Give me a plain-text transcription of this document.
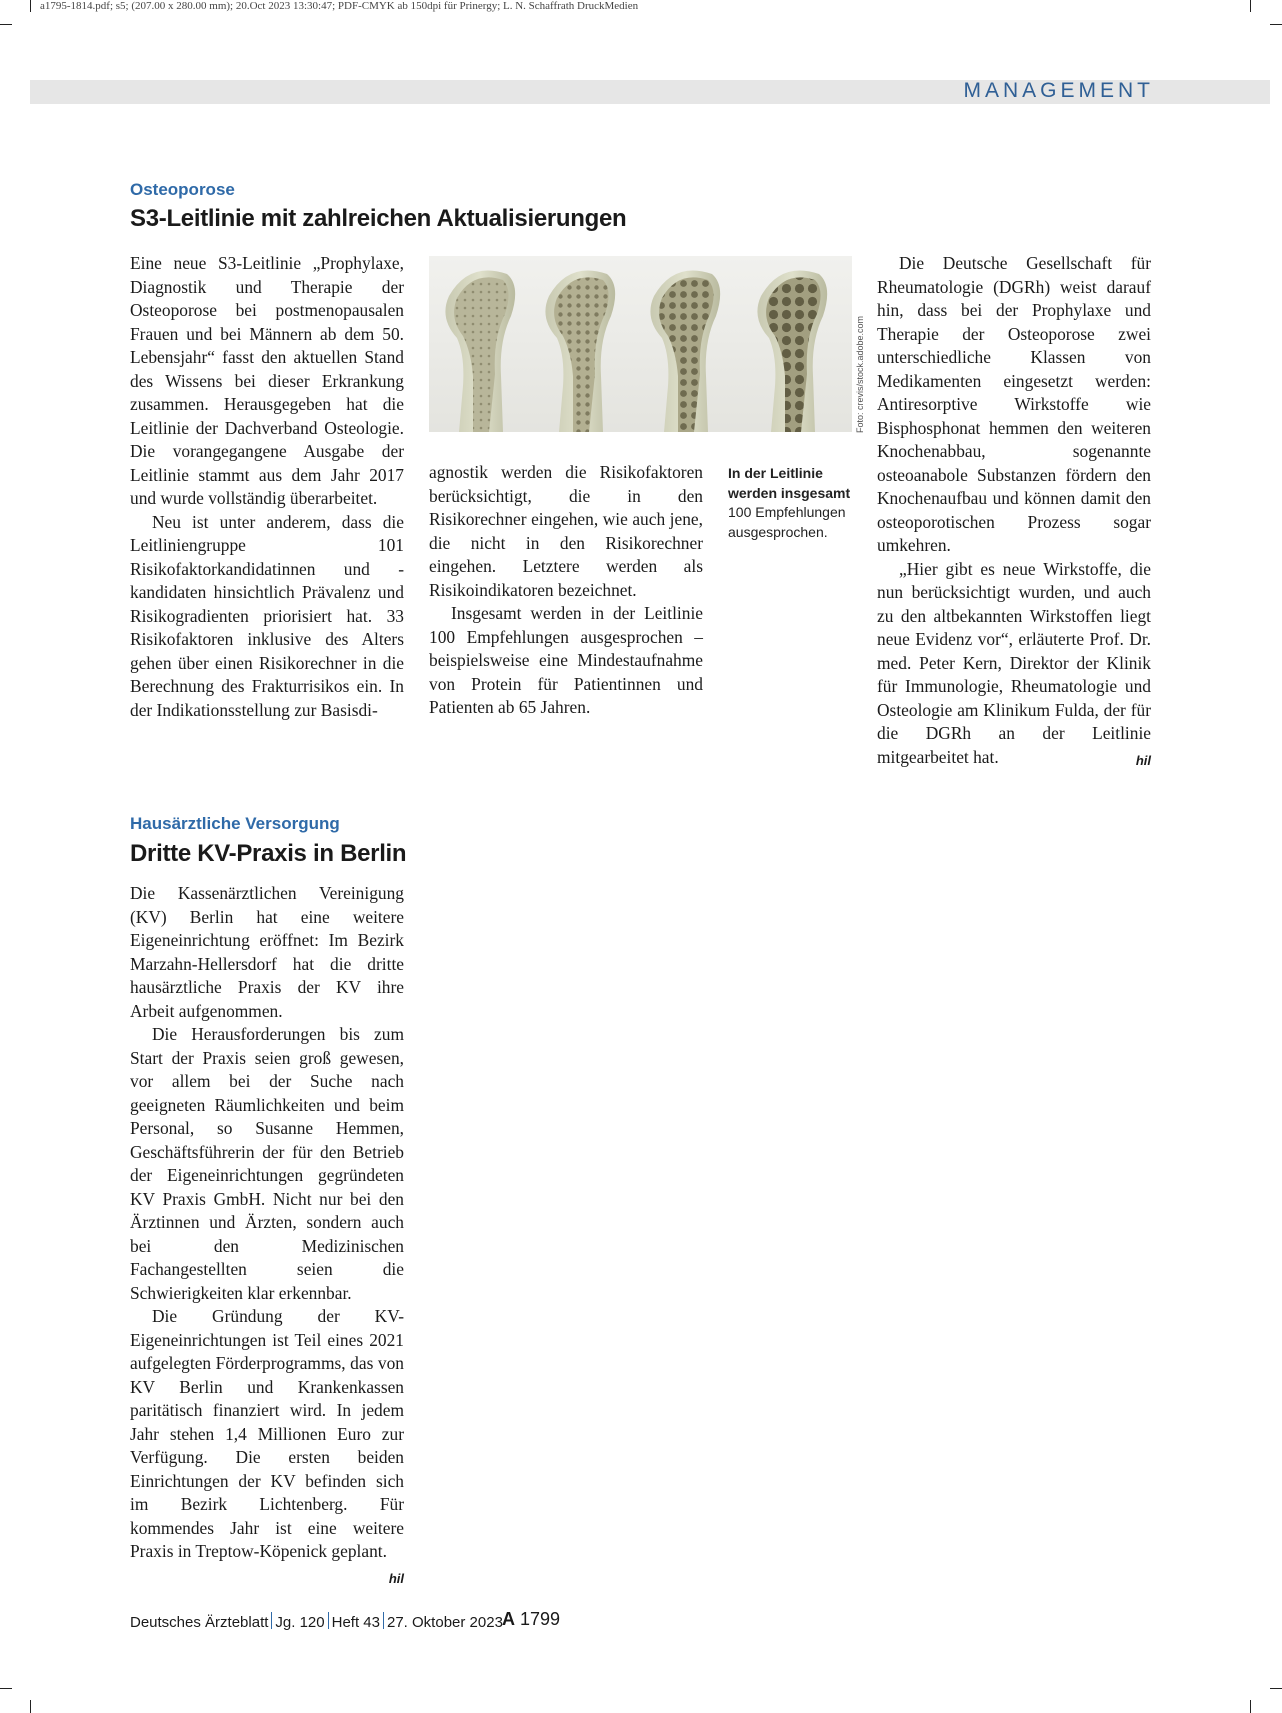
a1795-1814.pdf; s5; (207.00 x 280.00 mm); 20.Oct 2023 13:30:47; PDF-CMYK ab 150dpi für Prinergy; L. N. Schaffrath DruckMedien
MANAGEMENT
Osteoporose
S3-Leitlinie mit zahlreichen Aktualisierungen

Eine neue S3-Leitlinie „Prophylaxe, Diagnostik und Therapie der Osteoporose bei postmenopausalen Frauen und bei Männern ab dem 50. Lebensjahr“ fasst den aktuellen Stand des Wissens bei dieser Erkrankung zusammen. Herausgegeben hat die Leitlinie der Dachverband Osteologie. Die vorangegangene Ausgabe der Leitlinie stammt aus dem Jahr 2017 und wurde vollständig überarbeitet.

Neu ist unter anderem, dass die Leitliniengruppe 101 Risikofaktorkandidatinnen und -kandidaten hinsichtlich Prävalenz und Risikogradienten priorisiert hat. 33 Risikofaktoren inklusive des Alters gehen über einen Risikorechner in die Berechnung des Frakturrisikos ein. In der Indikationsstellung zur Basisdi-

Foto: crevis/stock.adobe.com

agnostik werden die Risikofaktoren berücksichtigt, die in den Risikorechner eingehen, wie auch jene, die nicht in den Risikorechner eingehen. Letztere werden als Risikoindikatoren bezeichnet.

Insgesamt werden in der Leitlinie 100 Empfehlungen ausgesprochen – beispielsweise eine Mindestaufnahme von Protein für Patientinnen und Patienten ab 65 Jahren.

In der Leitlinie werden insgesamt 100 Empfehlungen ausgesprochen.

Die Deutsche Gesellschaft für Rheumatologie (DGRh) weist darauf hin, dass bei der Prophylaxe und Therapie der Osteoporose zwei unterschiedliche Klassen von Medikamenten eingesetzt werden: Antiresorptive Wirkstoffe wie Bisphosphonat hemmen den weiteren Knochenabbau, sogenannte osteoanabole Substanzen fördern den Knochenaufbau und können damit den osteoporotischen Prozess sogar umkehren.

„Hier gibt es neue Wirkstoffe, die nun berücksichtigt wurden, und auch zu den altbekannten Wirkstoffen liegt neue Evidenz vor“, erläuterte Prof. Dr. med. Peter Kern, Direktor der Klinik für Immunologie, Rheumatologie und Osteologie am Klinikum Fulda, der für die DGRh an der Leitlinie mitgearbeitet hat.	hil

Hausärztliche Versorgung
Dritte KV-Praxis in Berlin

Die Kassenärztlichen Vereinigung (KV) Berlin hat eine weitere Eigeneinrichtung eröffnet: Im Bezirk Marzahn-Hellersdorf hat die dritte hausärztliche Praxis der KV ihre Arbeit aufgenommen.

Die Herausforderungen bis zum Start der Praxis seien groß gewesen, vor allem bei der Suche nach geeigneten Räumlichkeiten und beim Personal, so Susanne Hemmen, Geschäftsführerin der für den Betrieb der Eigeneinrichtungen gegründeten KV Praxis GmbH. Nicht nur bei den Ärztinnen und Ärzten, sondern auch bei den Medizinischen Fachangestellten seien die Schwierigkeiten klar erkennbar.

Die Gründung der KV-Eigeneinrichtungen ist Teil eines 2021 aufgelegten Förderprogramms, das von KV Berlin und Krankenkassen paritätisch finanziert wird. In jedem Jahr stehen 1,4 Millionen Euro zur Verfügung. Die ersten beiden Einrichtungen der KV befinden sich im Bezirk Lichtenberg. Für kommendes Jahr ist eine weitere Praxis in Treptow-Köpenick geplant.
hil

Deutsches Ärzteblatt Jg. 120 Heft 43 27. Oktober 2023 A 1799
